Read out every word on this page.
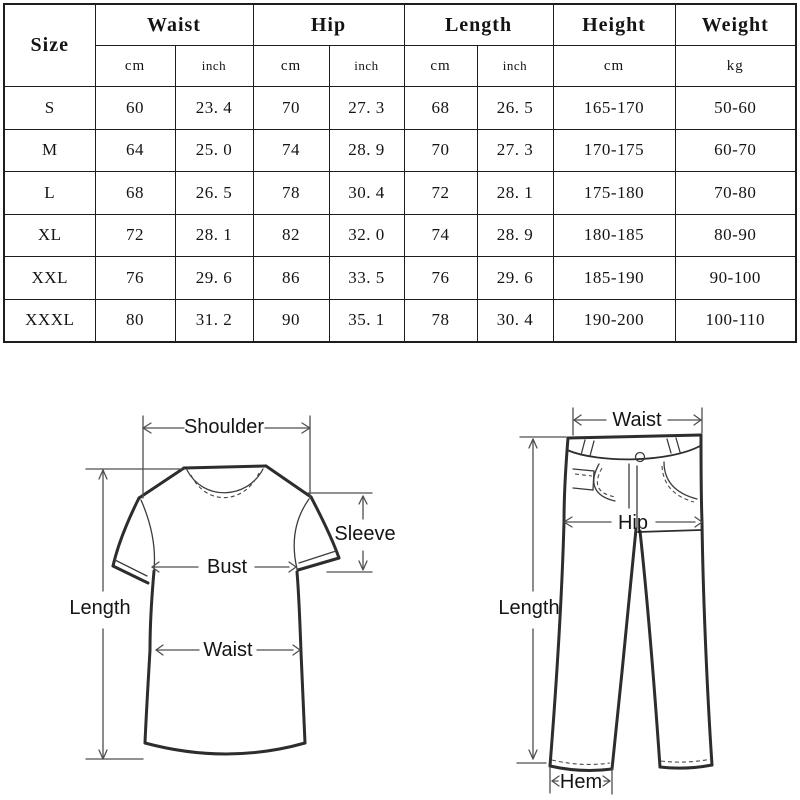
Size	Waist		Hip		Length		Height	Weight
	cm	inch	cm	inch	cm	inch	cm	kg
S	60	23. 4	70	27. 3	68	26. 5	165-170	50-60
M	64	25. 0	74	28. 9	70	27. 3	170-175	60-70
L	68	26. 5	78	30. 4	72	28. 1	175-180	70-80
XL	72	28. 1	82	32. 0	74	28. 9	180-185	80-90
XXL	76	29. 6	86	33. 5	76	29. 6	185-190	90-100
XXXL	80	31. 2	90	35. 1	78	30. 4	190-200	100-110
Shoulder
Sleeve
Bust
Length
Waist
Waist
Hip
Length
Hem
